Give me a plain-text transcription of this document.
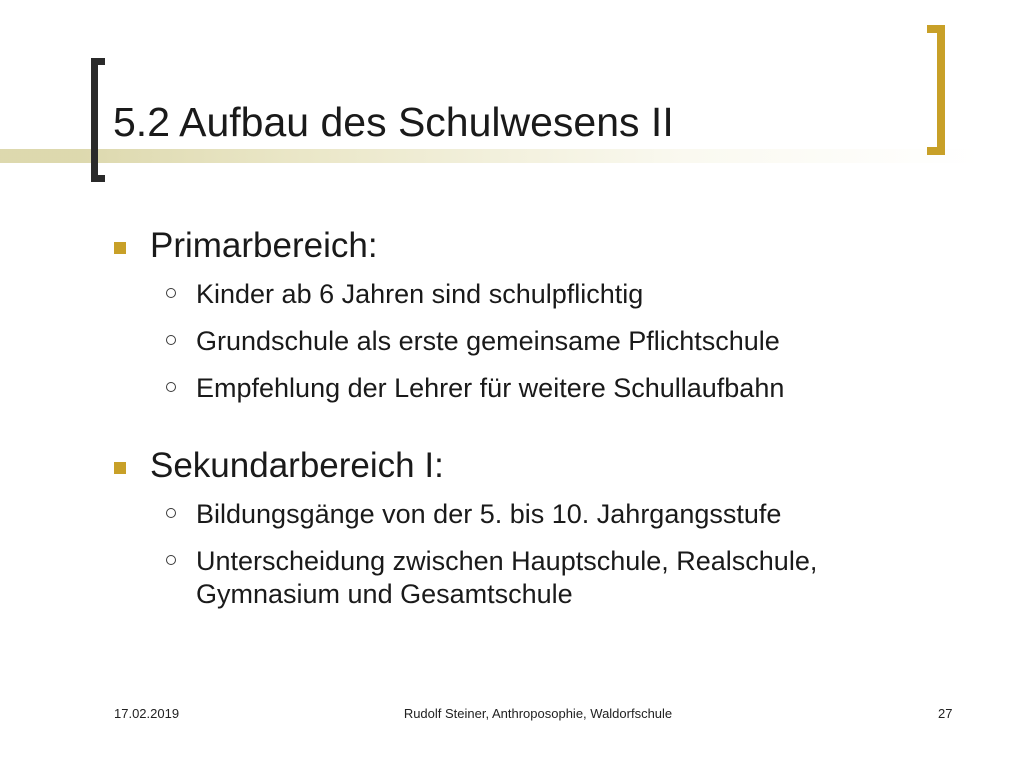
5.2 Aufbau des Schulwesens II

Primarbereich:

Kinder ab 6 Jahren sind schulpflichtig

Grundschule als erste gemeinsame Pflichtschule

Empfehlung der Lehrer für weitere Schullaufbahn

Sekundarbereich I:

Bildungsgänge von der 5. bis 10. Jahrgangsstufe

Unterscheidung zwischen Hauptschule, Realschule, Gymnasium und Gesamtschule

17.02.2019	Rudolf Steiner, Anthroposophie, Waldorfschule	27
